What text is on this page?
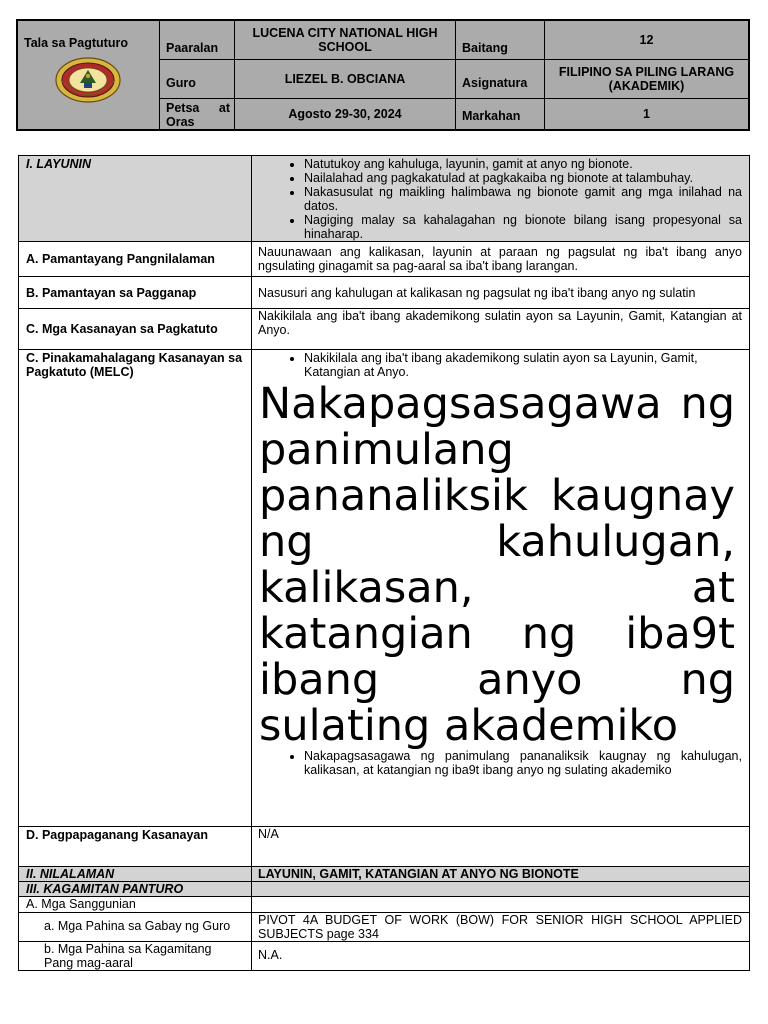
Tala sa Pagtuturo	Paaralan
LUCENA CITY NATIONAL HIGH SCHOOL	Baitang
12
Guro	LIEZEL B. OBCIANA	Asignatura
FILIPINO SA PILING LARANG (AKADEMIK)
Petsa at Oras
Agosto 29-30, 2024	Markahan	1
I. LAYUNIN
•	Natutukoy ang kahuluga, layunin, gamit at anyo ng bionote.
• Nailalahad ang pagkakatulad at pagkakaiba ng bionote at talambuhay.
• Nakasusulat ng maikling halimbawa ng bionote gamit ang mga inilahad na datos.
• Nagiging malay sa kahalagahan ng bionote bilang isang propesyonal sa hinaharap.
A. Pamantayang Pangnilalaman	Nauunawaan ang kalikasan, layunin at paraan ng pagsulat ng iba't ibang anyo ngsulating ginagamit sa pag-aaral sa iba't ibang larangan.
B. Pamantayan sa Pagganap	Nasusuri ang kahulugan at kalikasan ng pagsulat ng iba't ibang anyo ng sulatin
C. Mga Kasanayan sa Pagkatuto
Nakikilala ang iba't ibang akademikong sulatin ayon sa Layunin, Gamit, Katangian at Anyo.
C. Pinakamahalagang Kasanayan sa Pagkatuto (MELC)
• Nakikilala ang iba't ibang akademikong sulatin ayon sa Layunin, Gamit, Katangian at Anyo.
Nakapagsasagawa ng panimulang pananaliksik kaugnay ng kahulugan, kalikasan, at katangian ng iba9t ibang anyo ng sulating akademiko
• Nakapagsasagawa ng panimulang pananaliksik kaugnay ng kahulugan, kalikasan, at katangian ng iba9t ibang anyo ng sulating akademiko
D. Pagpapaganang Kasanayan	N/A
II. NILALAMAN	LAYUNIN, GAMIT, KATANGIAN AT ANYO NG BIONOTE
III. KAGAMITAN PANTURO
A. Mga Sanggunian
a. Mga Pahina sa Gabay ng Guro	PIVOT 4A BUDGET OF WORK (BOW) FOR SENIOR HIGH SCHOOL APPLIED SUBJECTS page 334
b. Mga Pahina sa Kagamitang Pang mag-aaral
N.A.
